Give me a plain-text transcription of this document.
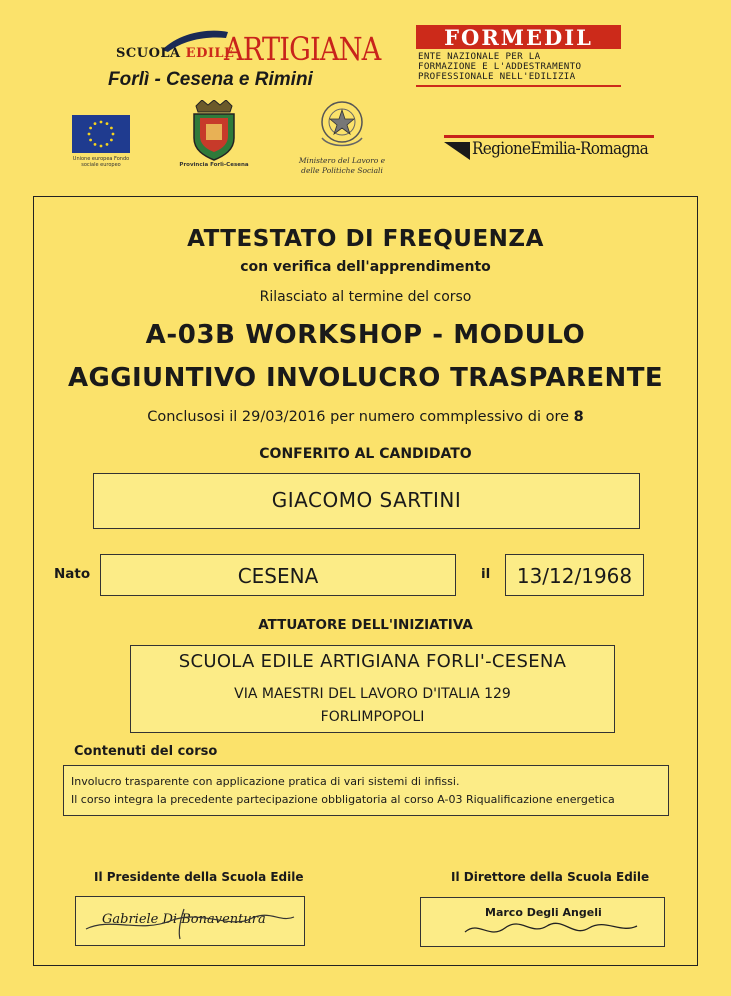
SCUOLA EDILE
ARTIGIANA
Forlì - Cesena e Rimini
FORMEDIL
ENTE NAZIONALE PER LA
FORMAZIONE E L'ADDESTRAMENTO
PROFESSIONALE NELL'EDILIZIA
Unione europea Fondo sociale europeo	Provincia Forlì-Cesena	Ministero del Lavoro e
delle Politiche Sociali
RegioneEmilia-Romagna
ATTESTATO DI FREQUENZA
con verifica dell'apprendimento
Rilasciato al termine del corso
A-03B WORKSHOP - MODULO
AGGIUNTIVO INVOLUCRO TRASPARENTE
Conclusosi il 29/03/2016 per numero commplessivo di ore 8
CONFERITO AL CANDIDATO
GIACOMO SARTINI
Nato	CESENA	il	13/12/1968
ATTUATORE DELL'INIZIATIVA
SCUOLA EDILE ARTIGIANA FORLI'-CESENA
VIA MAESTRI DEL LAVORO D'ITALIA 129
FORLIMPOPOLI
Contenuti del corso
Involucro trasparente con applicazione pratica di vari sistemi di infissi.
Il corso integra la precedente partecipazione obbligatoria al corso A-03 Riqualificazione energetica
Il Presidente della Scuola Edile	Il Direttore della Scuola Edile
Gabriele Di Bonaventura	Marco Degli Angeli
